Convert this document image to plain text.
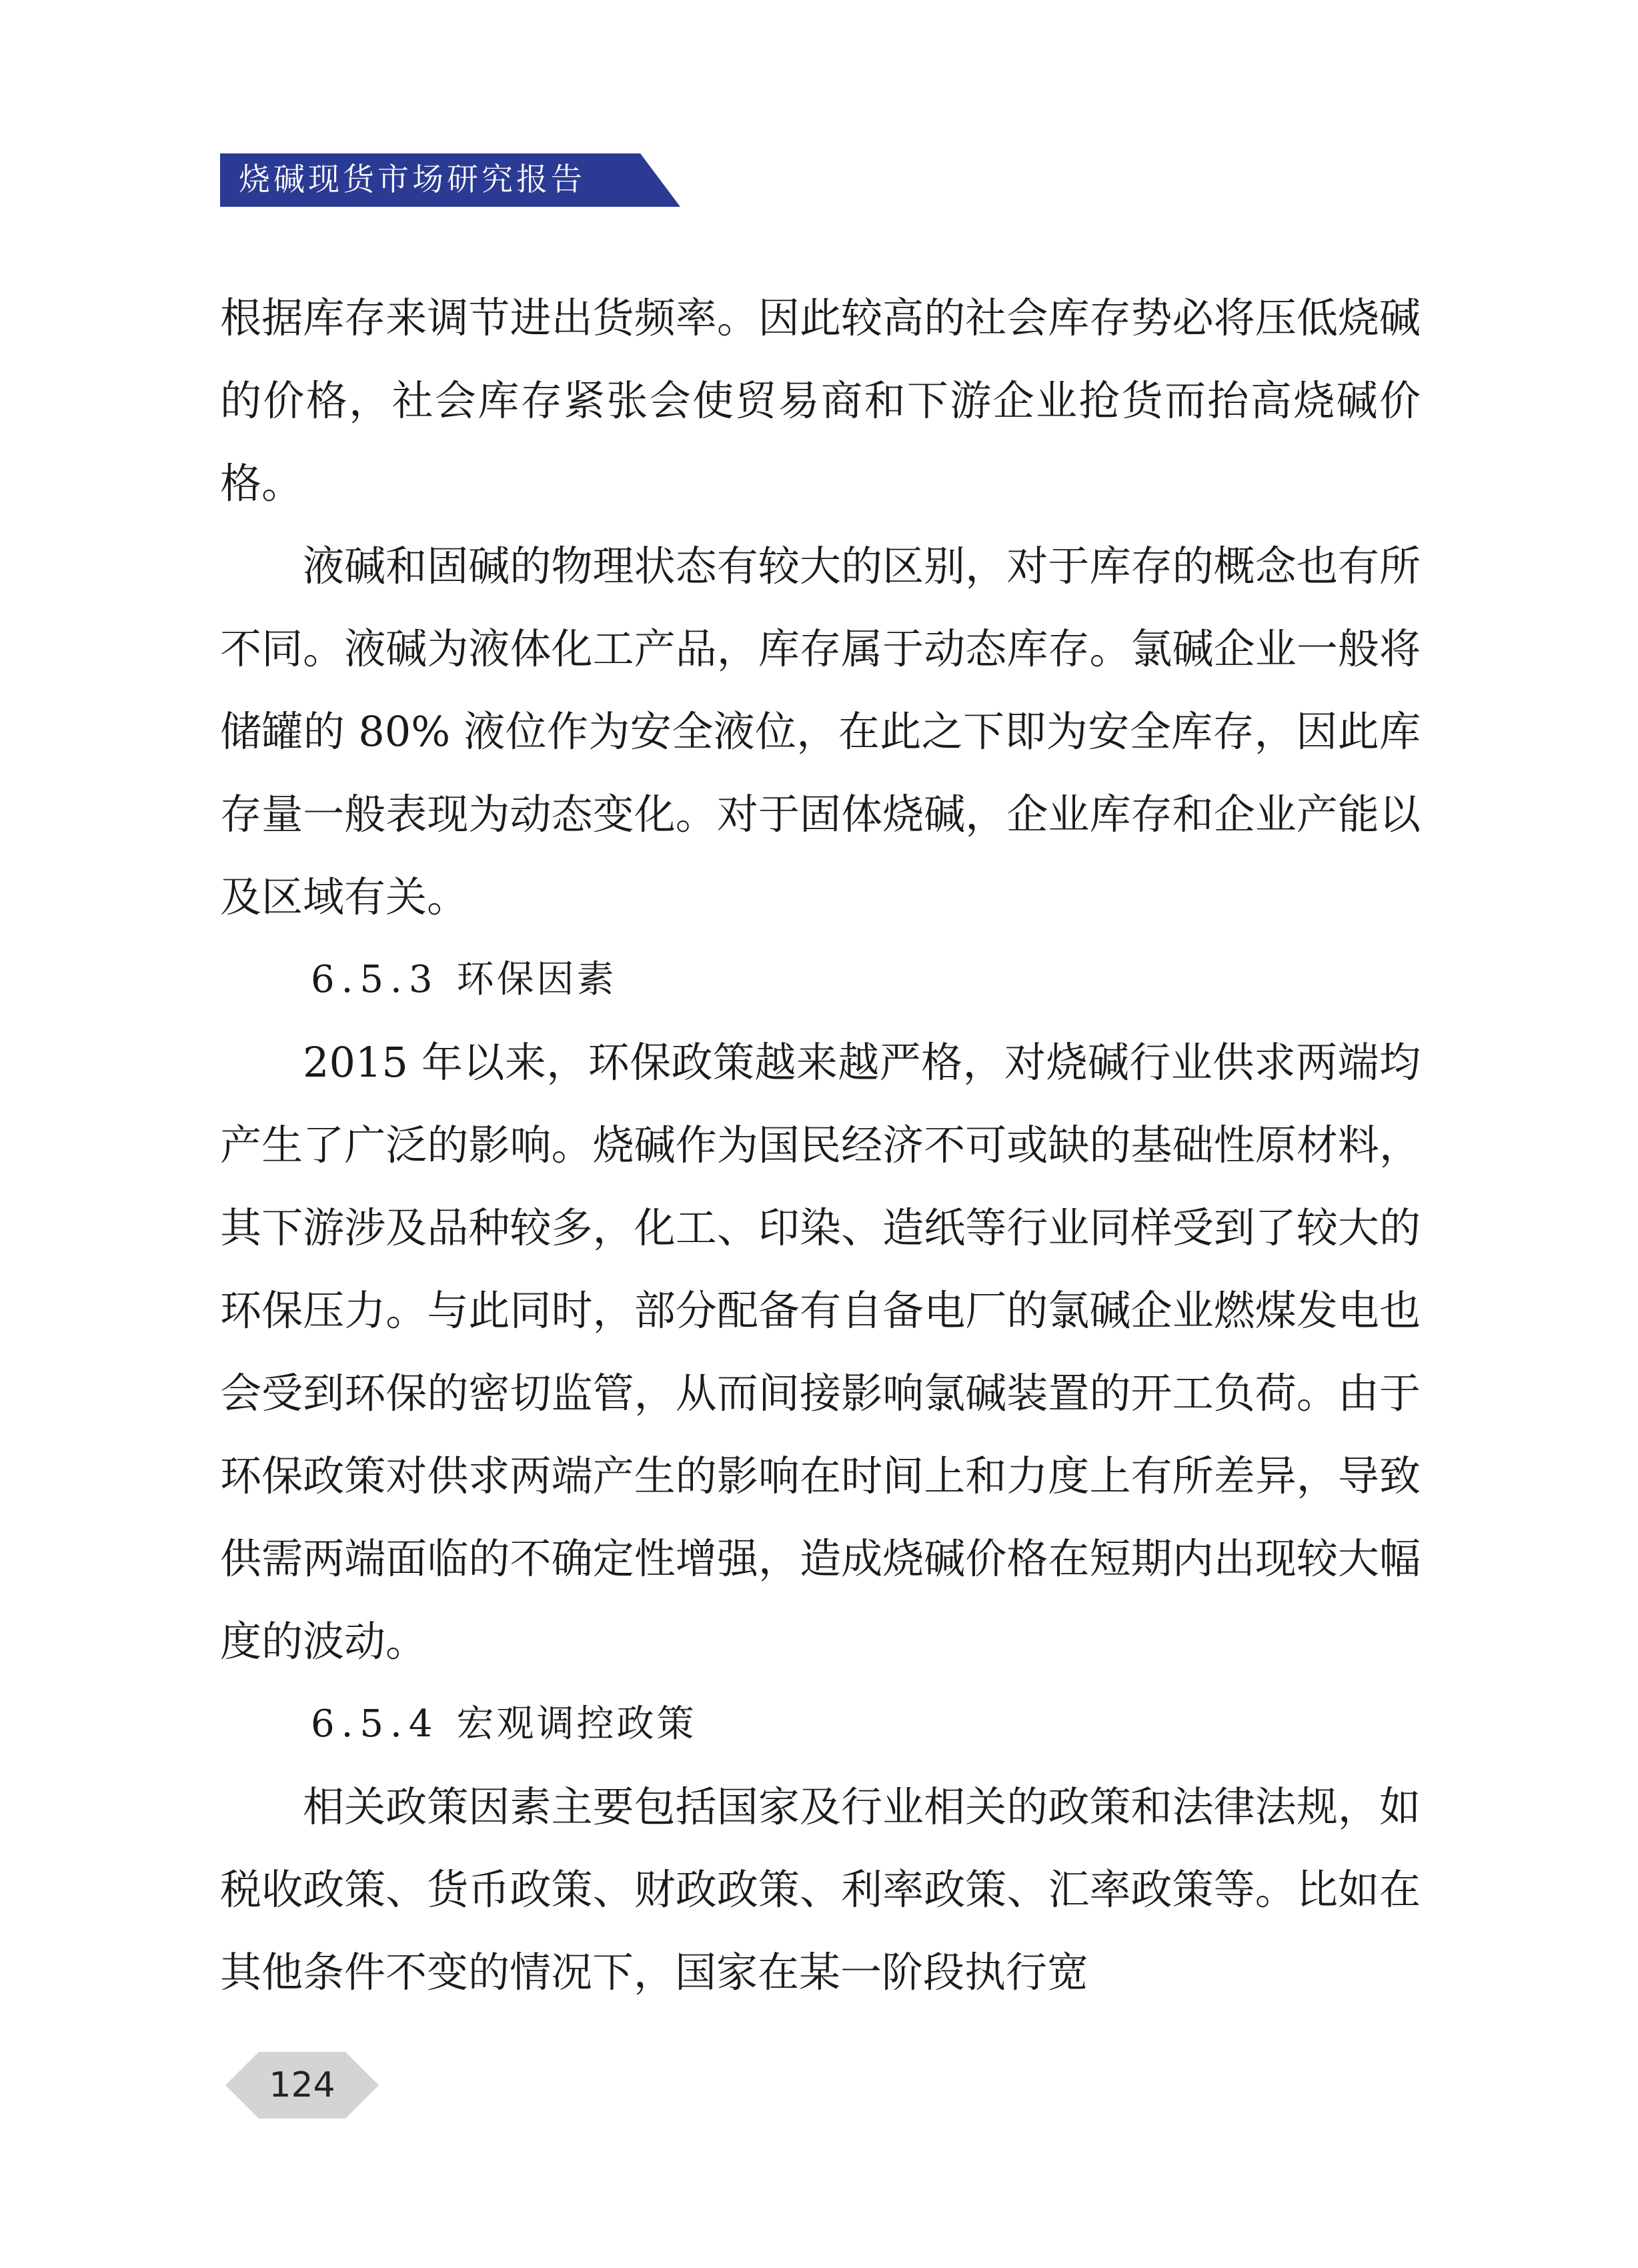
烧碱现货市场研究报告

根据库存来调节进出货频率。因此较高的社会库存势必将压低烧碱的价格，社会库存紧张会使贸易商和下游企业抢货而抬高烧碱价格。

液碱和固碱的物理状态有较大的区别，对于库存的概念也有所不同。液碱为液体化工产品，库存属于动态库存。氯碱企业一般将储罐的 80% 液位作为安全液位，在此之下即为安全库存，因此库存量一般表现为动态变化。对于固体烧碱，企业库存和企业产能以及区域有关。

6.5.3 环保因素

2015 年以来，环保政策越来越严格，对烧碱行业供求两端均产生了广泛的影响。烧碱作为国民经济不可或缺的基础性原材料，其下游涉及品种较多，化工、印染、造纸等行业同样受到了较大的环保压力。与此同时，部分配备有自备电厂的氯碱企业燃煤发电也会受到环保的密切监管，从而间接影响氯碱装置的开工负荷。由于环保政策对供求两端产生的影响在时间上和力度上有所差异，导致供需两端面临的不确定性增强，造成烧碱价格在短期内出现较大幅度的波动。

6.5.4 宏观调控政策

相关政策因素主要包括国家及行业相关的政策和法律法规，如税收政策、货币政策、财政政策、利率政策、汇率政策等。比如在其他条件不变的情况下，国家在某一阶段执行宽

124
